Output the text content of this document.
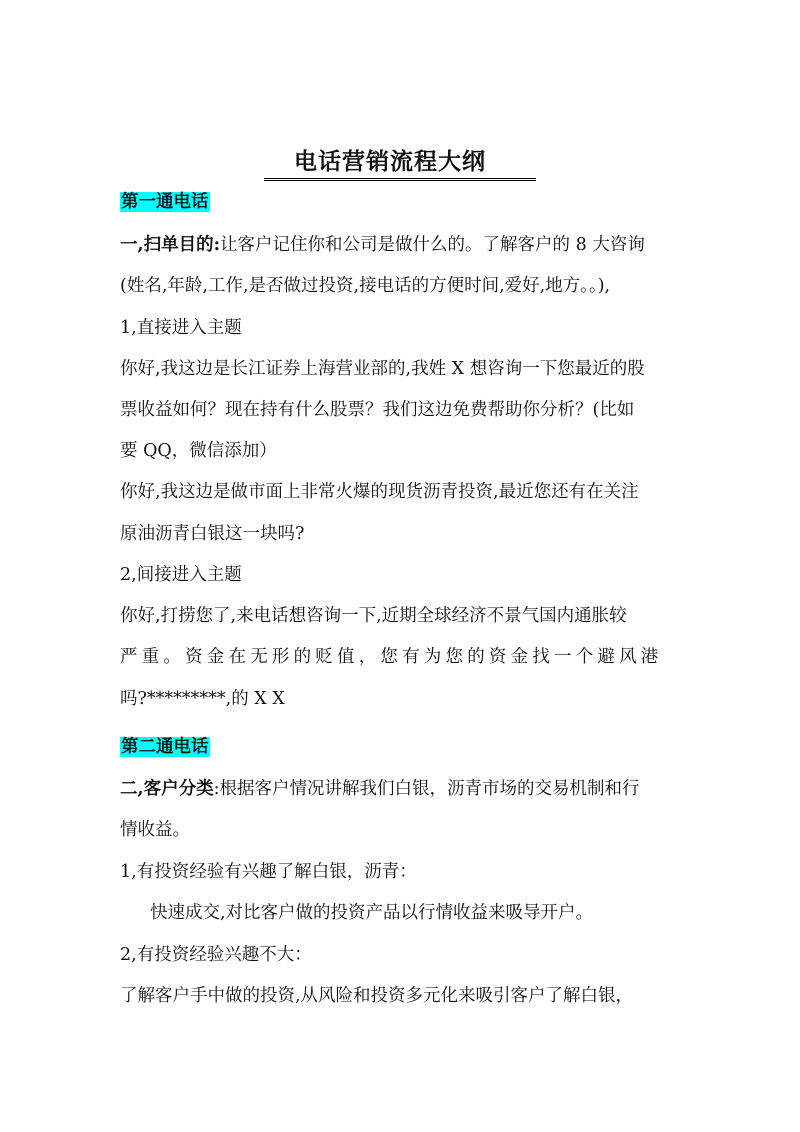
电话营销流程大纲
第一通电话
一,扫单目的:让客户记住你和公司是做什么的。了解客户的 8 大咨询
(姓名,年龄,工作,是否做过投资,接电话的方便时间,爱好,地方。。),
1,直接进入主题
你好,我这边是长江证券上海营业部的,我姓 X 想咨询一下您最近的股
票收益如何？现在持有什么股票？我们这边免费帮助你分析？(比如
要 QQ，微信添加）
你好,我这边是做市面上非常火爆的现货沥青投资,最近您还有在关注
原油沥青白银这一块吗?
2,间接进入主题
你好,打捞您了,来电话想咨询一下,近期全球经济不景气国内通胀较
严重。资金在无形的贬值，您有为您的资金找一个避风港
吗?*********,的 X X
第二通电话
二,客户分类:根据客户情况讲解我们白银，沥青市场的交易机制和行
情收益。
1,有投资经验有兴趣了解白银，沥青：
快速成交,对比客户做的投资产品以行情收益来吸导开户。
2,有投资经验兴趣不大：
了解客户手中做的投资,从风险和投资多元化来吸引客户了解白银，
